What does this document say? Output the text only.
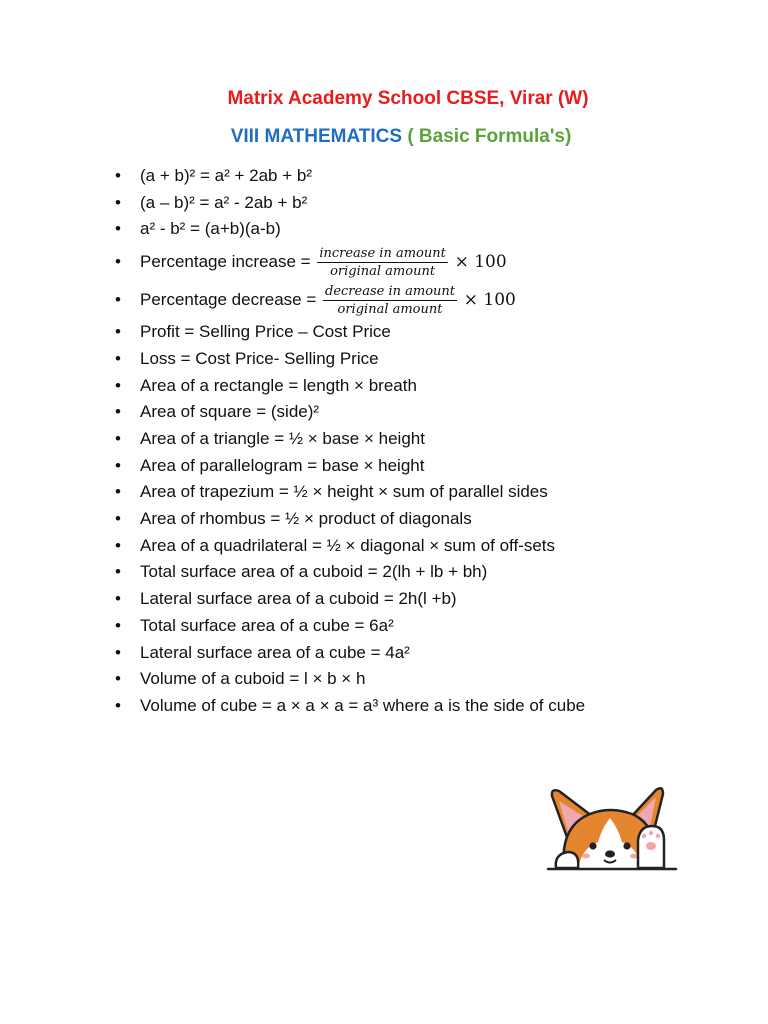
Matrix Academy School CBSE, Virar (W)
VIII MATHEMATICS ( Basic Formula's)
• (a + b)² = a² + 2ab + b²
• (a – b)² = a² - 2ab + b²
• a² - b² = (a+b)(a-b)
• Percentage increase = $\frac{\text{increase in amount}}{\text{original amount}} \times 100$
• Percentage decrease = $\frac{\text{decrease in amount}}{\text{original amount}} \times 100$
• Profit = Selling Price – Cost Price
• Loss = Cost Price- Selling Price
• Area of a rectangle = length × breath
• Area of square = (side)²
• Area of a triangle = ½ × base × height
• Area of parallelogram = base × height
• Area of trapezium = ½ × height × sum of parallel sides
• Area of rhombus = ½ × product of diagonals
• Area of a quadrilateral = ½ × diagonal × sum of off-sets
• Total surface area of a cuboid = 2(lh + lb + bh)
• Lateral surface area of a cuboid = 2h(l +b)
• Total surface area of a cube = 6a²
• Lateral surface area of a cube = 4a²
• Volume of a cuboid = l × b × h
• Volume of cube = a × a × a = a³ where a is the side of cube
